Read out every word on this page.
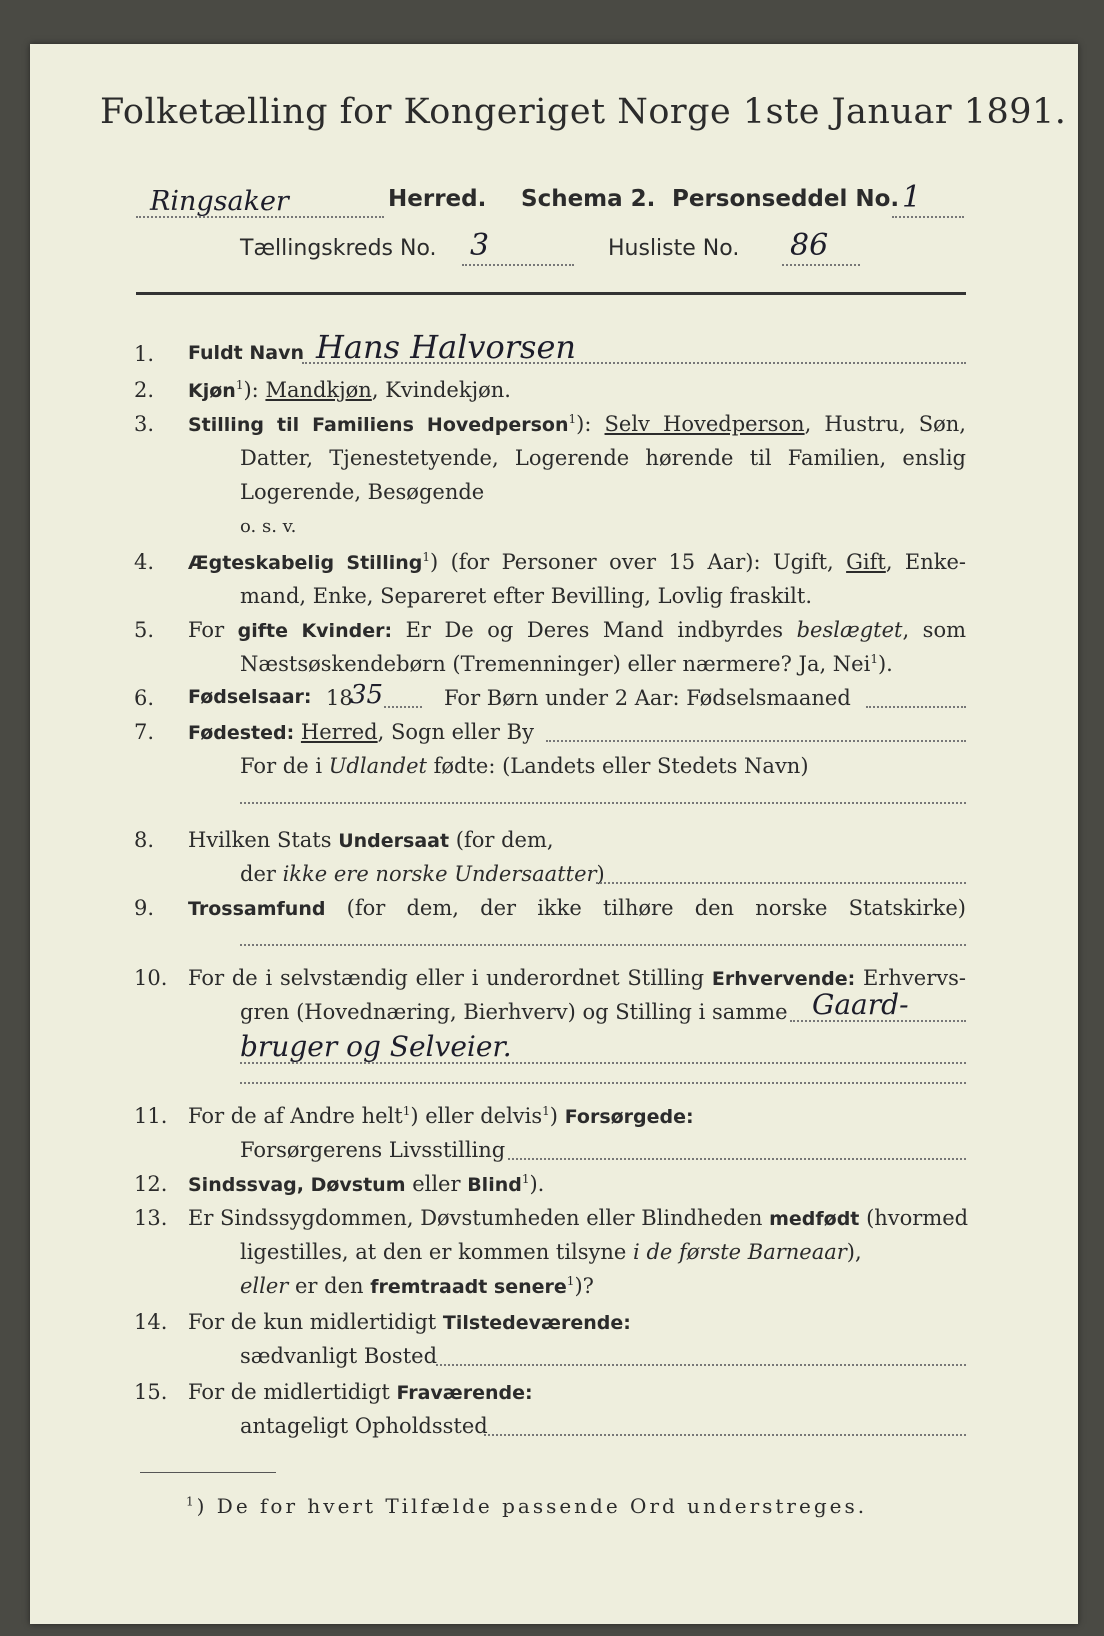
Folketælling for Kongeriget Norge 1ste Januar 1891.
Ringsaker	Herred. Schema 2. Personseddel No. 1
Tællingskreds No. 3	Husliste No. 86
1.	Fuldt Navn Hans Halvorsen
2.	Kjøn$^1$): Mandkjøn, Kvindekjøn.
3.	Stilling til Familiens Hovedperson$^1$): Selv Hovedperson, Hustru, Søn,
Datter, Tjenestetyende, Logerende hørende til Familien, enslig
Logerende, Besøgende
o. s. v.
4.	Ægteskabelig Stilling$^1$) (for Personer over 15 Aar): Ugift, Gift, Enke-
mand, Enke, Separeret efter Bevilling, Lovlig fraskilt.
5.	For gifte Kvinder: Er De og Deres Mand indbyrdes beslægtet, som
Næstsøskendebørn (Tremenninger) eller nærmere? Ja, Nei$^1$).
6.	Fødselsaar: 18
35	For Børn under 2 Aar: Fødselsmaaned
7.	Fødested: Herred, Sogn eller By
For de i Udlandet fødte: (Landets eller Stedets Navn)
8.	Hvilken Stats Undersaat (for dem,
der ikke ere norske Undersaatter)
9.	Trossamfund (for dem, der ikke tilhøre den norske Statskirke)
10. For de i selvstændig eller i underordnet Stilling Erhvervende: Erhvervs-
gren (Hovednæring, Bierhverv) og Stilling i samme Gaard-
bruger og Selveier.
11. For de af Andre helt$^1$) eller delvis$^1$) Forsørgede:
Forsørgerens Livsstilling
12.	Sindssvag, Døvstum eller Blind$^1$).
13. Er Sindssygdommen, Døvstumheden eller Blindheden medfødt (hvormed
ligestilles, at den er kommen tilsyne i de første Barneaar),
eller er den fremtraadt senere$^1$)?
14. For de kun midlertidigt Tilstedeværende:
sædvanligt Bosted
15. For de midlertidigt Fraværende:
antageligt Opholdssted
$^1$) De for hvert Tilfælde passende Ord understreges.
